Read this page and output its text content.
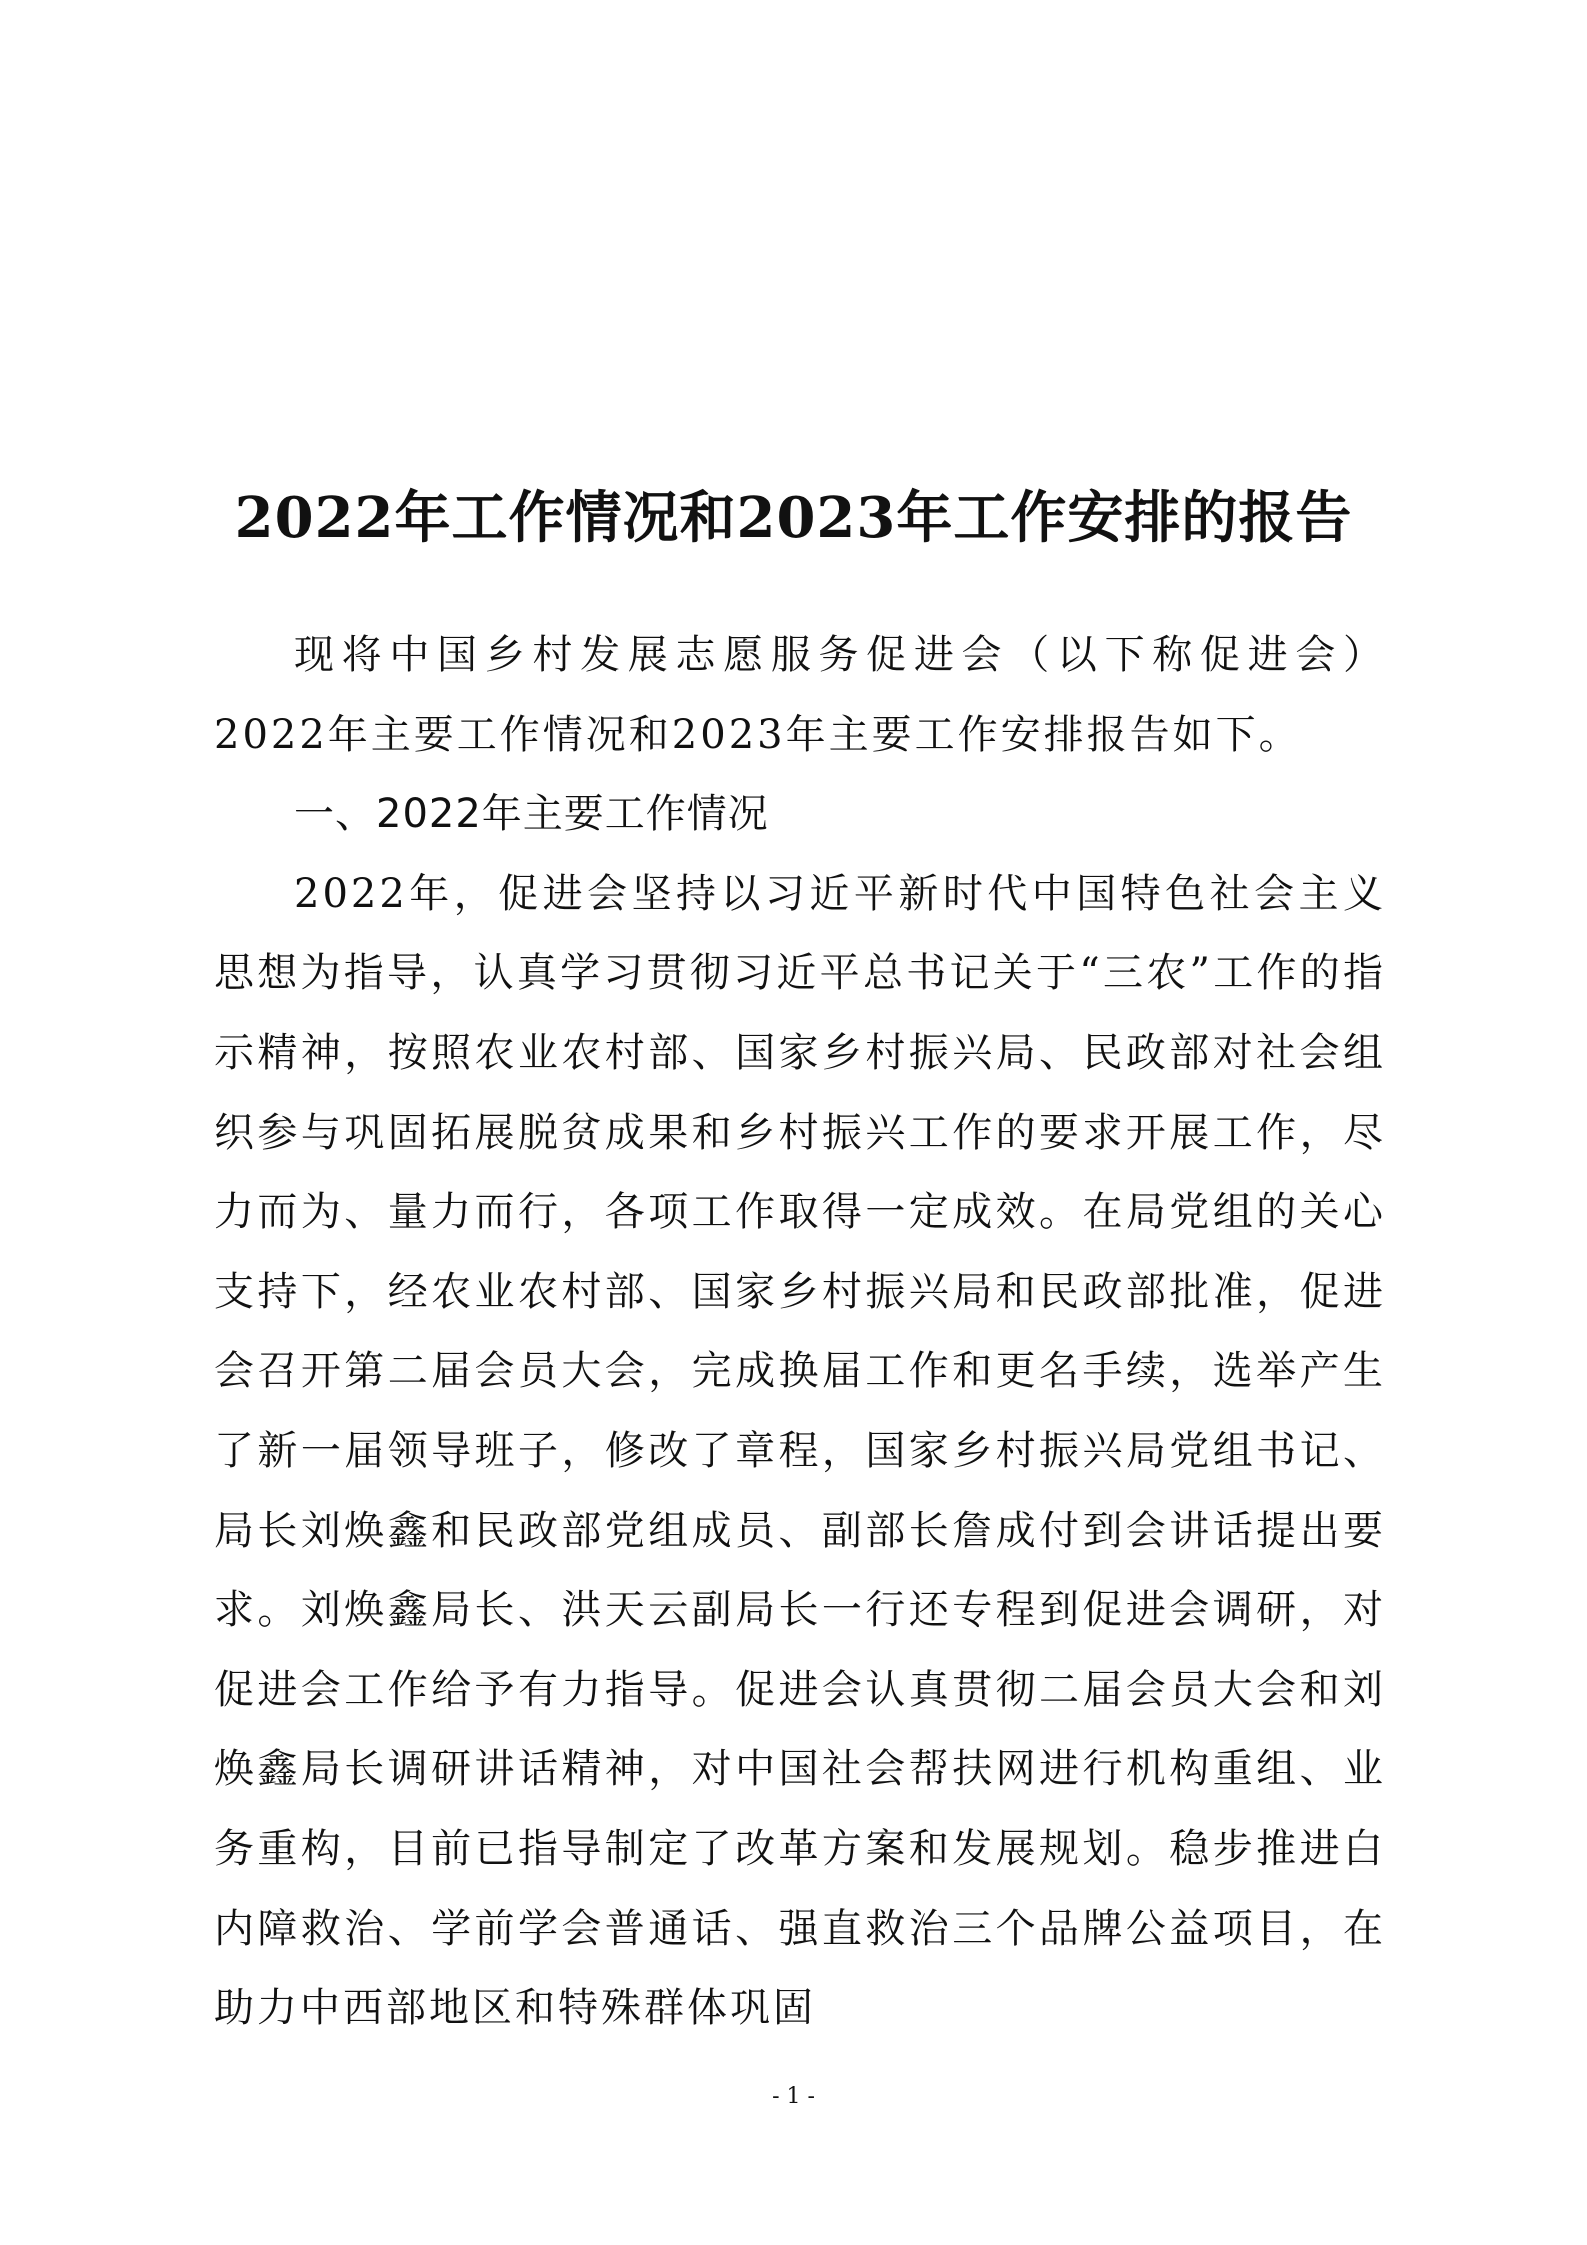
2022年工作情况和2023年工作安排的报告

现将中国乡村发展志愿服务促进会（以下称促进会）2022年主要工作情况和2023年主要工作安排报告如下。

一、2022年主要工作情况

2022年，促进会坚持以习近平新时代中国特色社会主义思想为指导，认真学习贯彻习近平总书记关于“三农”工作的指示精神，按照农业农村部、国家乡村振兴局、民政部对社会组织参与巩固拓展脱贫成果和乡村振兴工作的要求开展工作，尽力而为、量力而行，各项工作取得一定成效。在局党组的关心支持下，经农业农村部、国家乡村振兴局和民政部批准，促进会召开第二届会员大会，完成换届工作和更名手续，选举产生了新一届领导班子，修改了章程，国家乡村振兴局党组书记、局长刘焕鑫和民政部党组成员、副部长詹成付到会讲话提出要求。刘焕鑫局长、洪天云副局长一行还专程到促进会调研，对促进会工作给予有力指导。促进会认真贯彻二届会员大会和刘焕鑫局长调研讲话精神，对中国社会帮扶网进行机构重组、业务重构，目前已指导制定了改革方案和发展规划。稳步推进白内障救治、学前学会普通话、强直救治三个品牌公益项目，在助力中西部地区和特殊群体巩固

- 1 -
